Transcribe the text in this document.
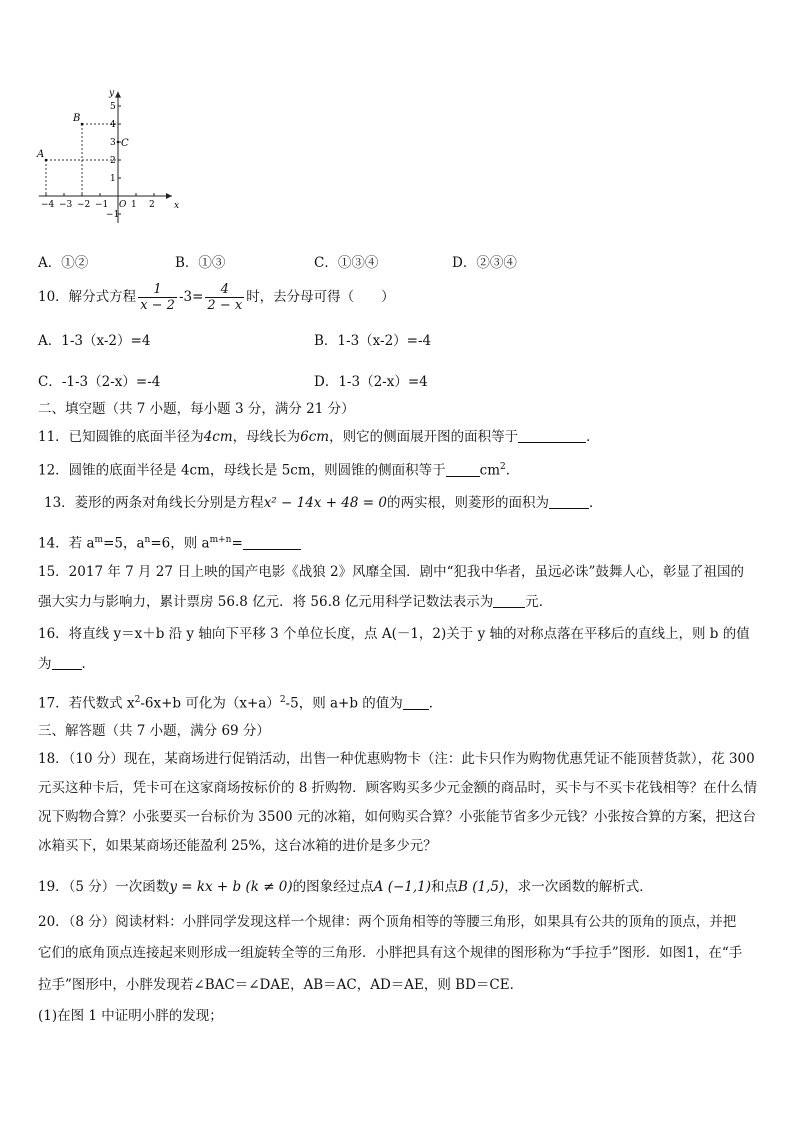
x
y
−4 −3 −2 −1 O 1 2
5
4
3
2
1
−1
A
B
C
A．①②	B．①③	C．①③④	D．②③④
10．解分式方程 $\frac{1}{x - 2} -3= \frac{4}{2 - x}$ 时，去分母可得（　　）
A．1-3（x-2）=4	B．1-3（x-2）=-4
C．-1-3（2-x）=-4	D．1-3（2-x）=4
二、填空题（共 7 小题，每小题 3 分，满分 21 分）
11．已知圆锥的底面半径为4cm，母线长为6cm，则它的侧面展开图的面积等于	．
12．圆锥的底面半径是 4cm，母线长是 5cm，则圆锥的侧面积等于	$cm^2$．
13．菱形的两条对角线长分别是方程x² − 14x + 48 = 0的两实根，则菱形的面积为	．
14．若 $a^m=5$，$a^n=6$，则 $a^{m+n}=$
15．2017 年 7 月 27 日上映的国产电影《战狼 2》风靡全国．剧中“犯我中华者，虽远必诛”鼓舞人心，彰显了祖国的
强大实力与影响力，累计票房 56.8 亿元．将 56.8 亿元用科学记数法表示为 元．
16．将直线 y＝x＋b 沿 y 轴向下平移 3 个单位长度，点 A(－1，2)关于 y 轴的对称点落在平移后的直线上，则 b 的值
为 ．
17．若代数式 $x^2-6x+b$ 可化为$(x+a)^2-5$，则 a+b 的值为 ．
三、解答题（共 7 小题，满分 69 分）
18．（10 分）现在，某商场进行促销活动，出售一种优惠购物卡（注：此卡只作为购物优惠凭证不能顶替货款），花 300 元买这种卡后，凭卡可在这家商场按标价的 8 折购物．顾客购买多少元金额的商品时，买卡与不买卡花钱相等？在什么情况下购物合算？小张要买一台标价为 3500 元的冰箱，如何购买合算？小张能节省多少元钱？小张按合算的方案，把这台冰箱买下，如果某商场还能盈利 25%，这台冰箱的进价是多少元？
19．（5 分）一次函数y = kx + b (k ≠ 0)的图象经过点A (−1,1)和点B (1,5)，求一次函数的解析式．
20．（8 分）阅读材料：小胖同学发现这样一个规律：两个顶角相等的等腰三角形，如果具有公共的顶角的顶点，并把
它们的底角顶点连接起来则形成一组旋转全等的三角形．小胖把具有这个规律的图形称为“手拉手”图形．如图1，在“手
拉手”图形中，小胖发现若∠BAC＝∠DAE，AB＝AC，AD＝AE，则 BD＝CE．
(1)在图 1 中证明小胖的发现；
